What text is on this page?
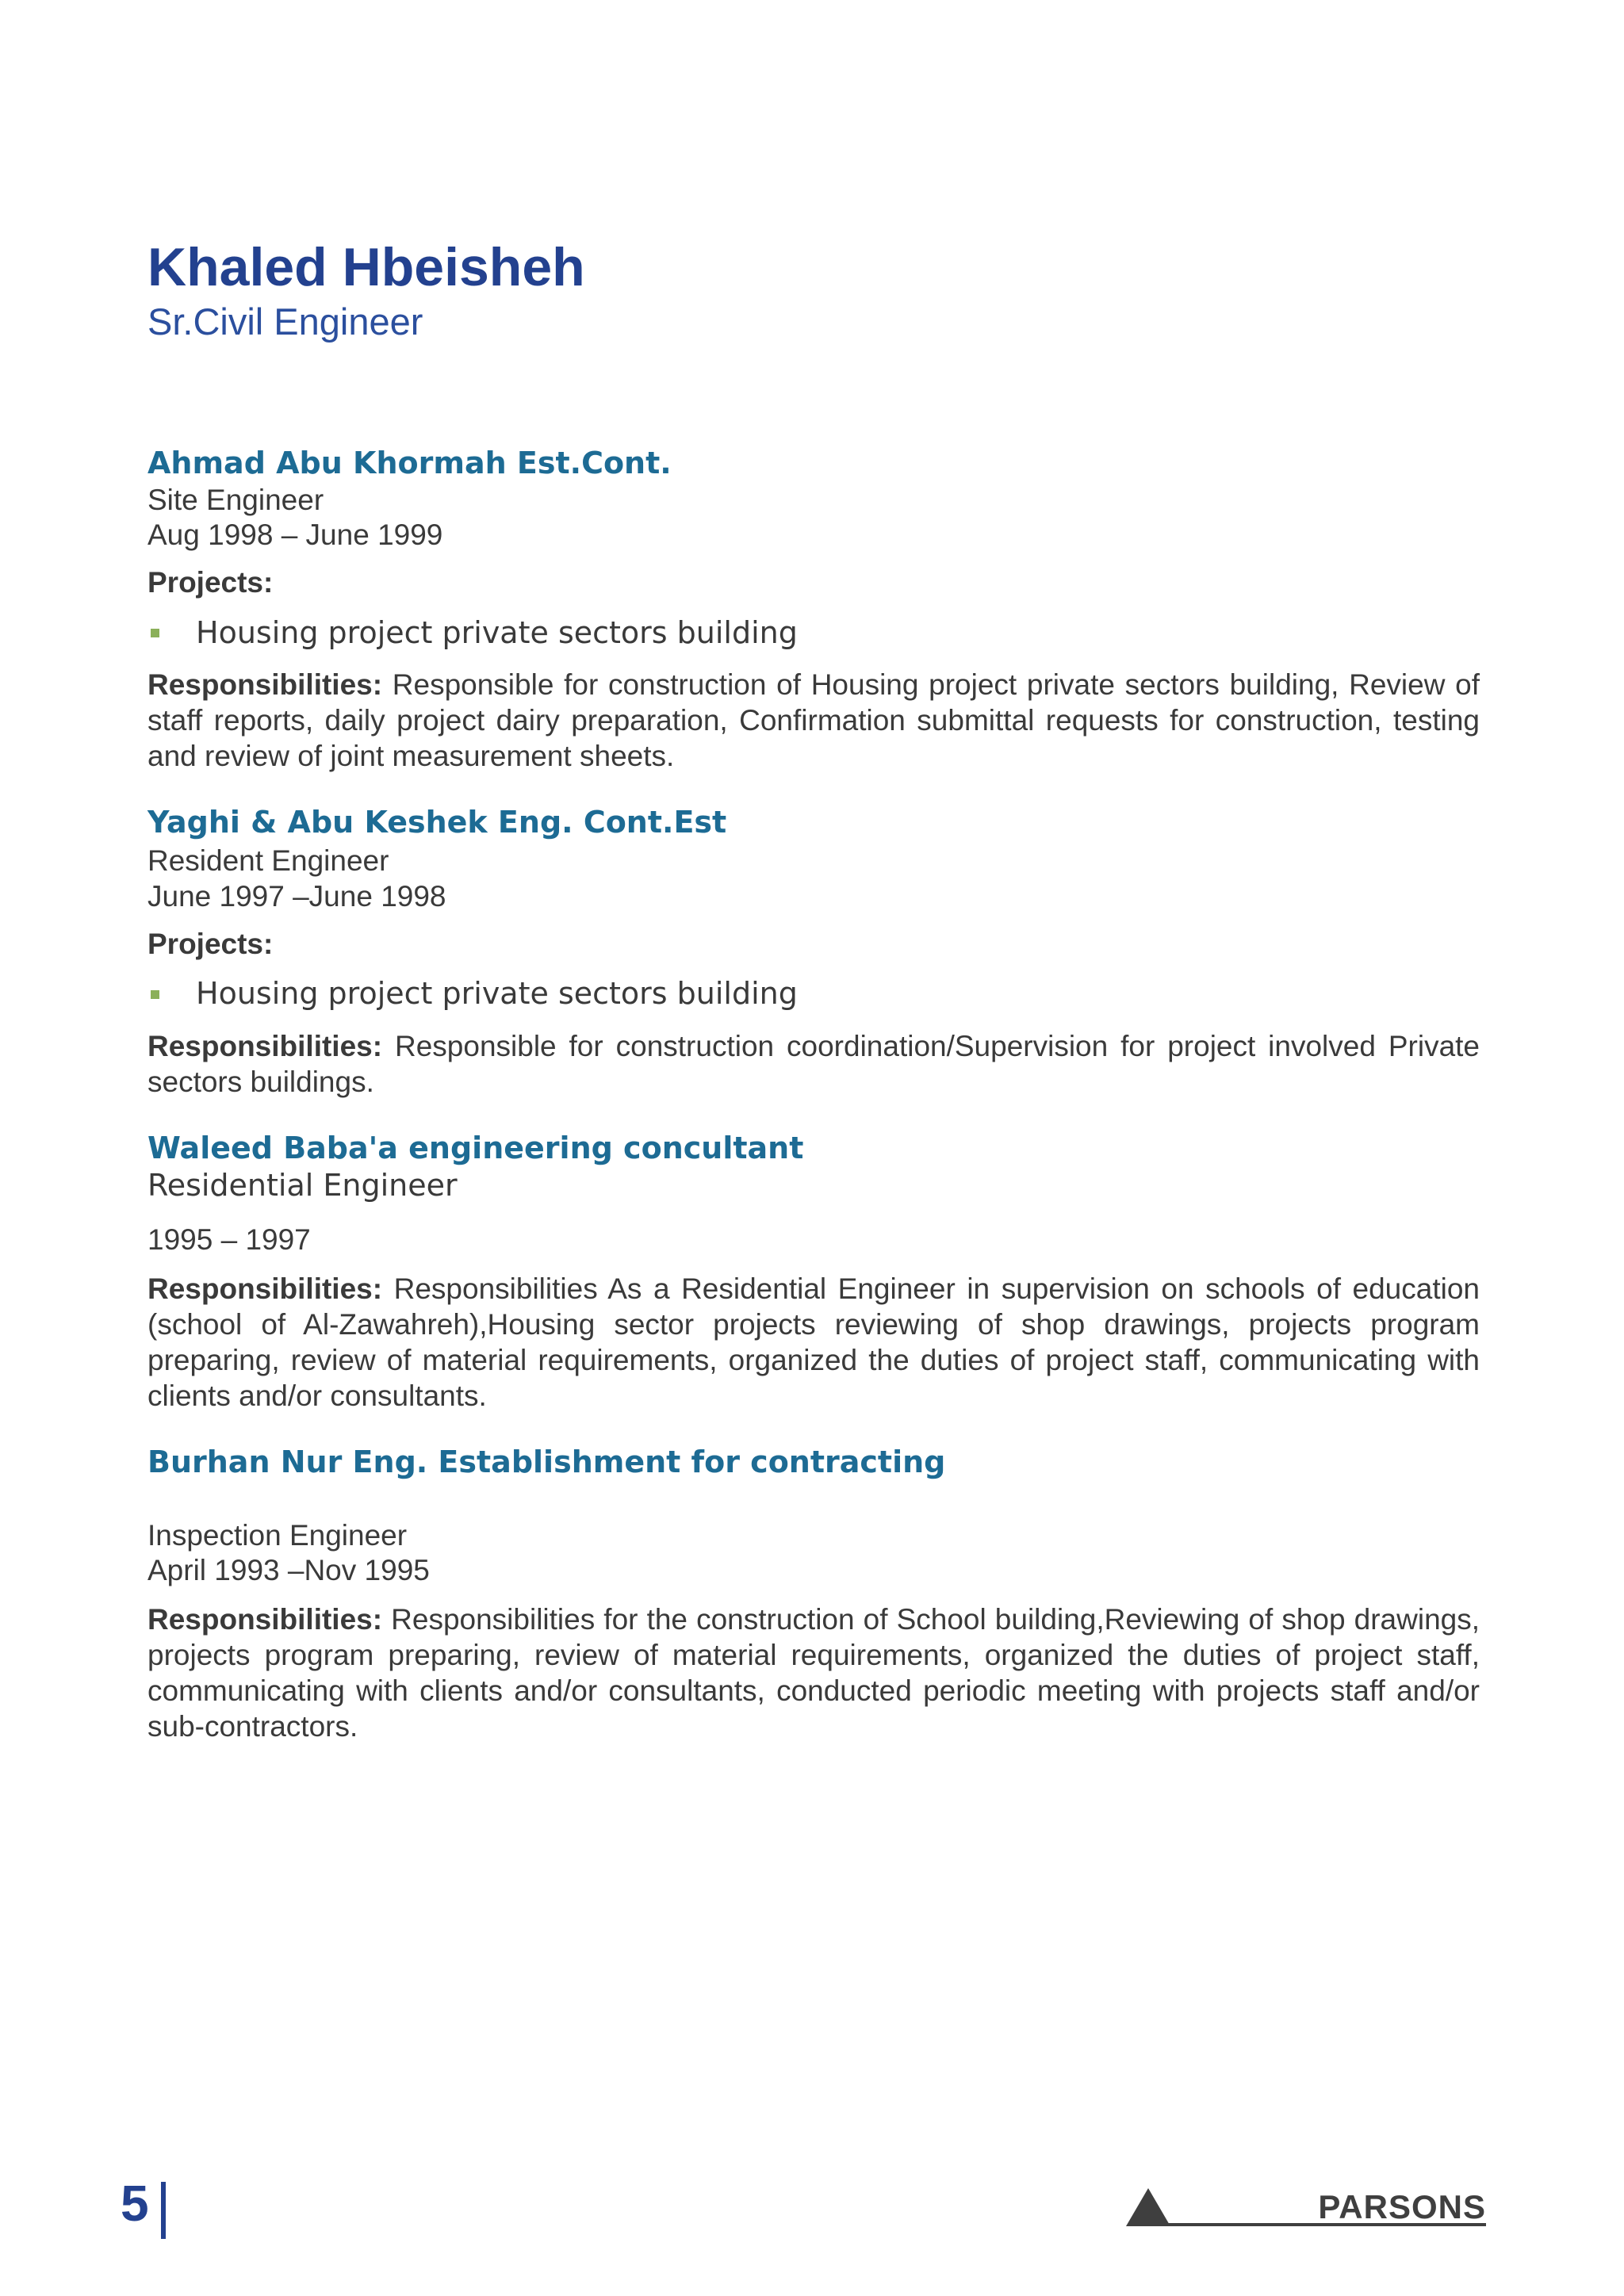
Khaled Hbeisheh
Sr.Civil Engineer
Ahmad Abu Khormah Est.Cont.
Site Engineer
Aug 1998 – June 1999
Projects:
Housing project private sectors building
Responsibilities: Responsible for construction of Housing project private sectors building, Review of staff reports, daily project dairy preparation, Confirmation submittal requests for construction, testing and review of joint measurement sheets.
Yaghi & Abu Keshek Eng. Cont.Est
Resident Engineer
June 1997 –June 1998
Projects:
Housing project private sectors building
Responsibilities: Responsible for construction coordination/Supervision for project involved Private sectors buildings.
Waleed Baba'a engineering concultant
Residential Engineer
1995 – 1997
Responsibilities: Responsibilities As a Residential Engineer in supervision on schools of education (school of Al-Zawahreh),Housing sector projects reviewing of shop drawings, projects program preparing, review of material requirements, organized the duties of project staff, communicating with clients and/or consultants.
Burhan Nur Eng. Establishment for contracting
Inspection Engineer
April 1993 –Nov 1995
Responsibilities: Responsibilities for the construction of School building,Reviewing of shop drawings, projects program preparing, review of material requirements, organized the duties of project staff, communicating with clients and/or consultants, conducted periodic meeting with projects staff and/or sub-contractors.
5	PARSONS
